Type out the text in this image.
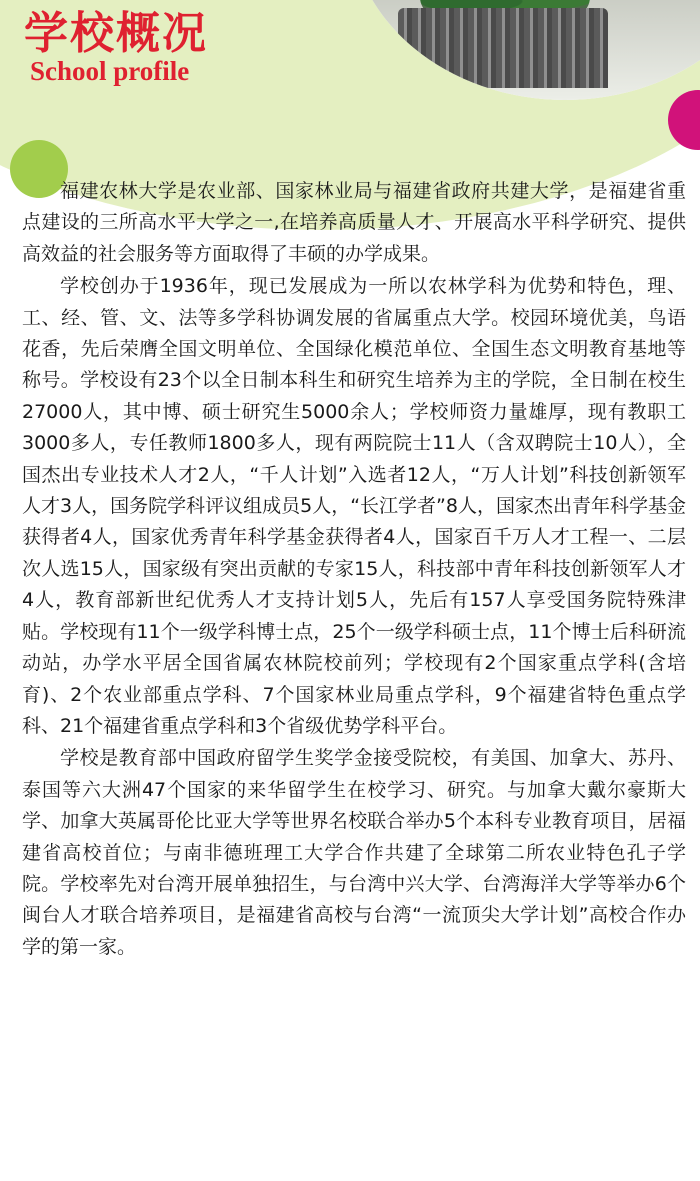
学校概况
School profile

福建农林大学是农业部、国家林业局与福建省政府共建大学，是福建省重点建设的三所高水平大学之一,在培养高质量人才、开展高水平科学研究、提供高效益的社会服务等方面取得了丰硕的办学成果。

学校创办于1936年，现已发展成为一所以农林学科为优势和特色，理、工、经、管、文、法等多学科协调发展的省属重点大学。校园环境优美，鸟语花香，先后荣膺全国文明单位、全国绿化模范单位、全国生态文明教育基地等称号。学校设有23个以全日制本科生和研究生培养为主的学院，全日制在校生27000人，其中博、硕士研究生5000余人；学校师资力量雄厚，现有教职工3000多人，专任教师1800多人，现有两院院士11人（含双聘院士10人），全国杰出专业技术人才2人，“千人计划”入选者12人，“万人计划”科技创新领军人才3人，国务院学科评议组成员5人，“长江学者”8人，国家杰出青年科学基金获得者4人，国家优秀青年科学基金获得者4人，国家百千万人才工程一、二层次人选15人，国家级有突出贡献的专家15人，科技部中青年科技创新领军人才4人，教育部新世纪优秀人才支持计划5人，先后有157人享受国务院特殊津贴。学校现有11个一级学科博士点，25个一级学科硕士点，11个博士后科研流动站，办学水平居全国省属农林院校前列；学校现有2个国家重点学科(含培育)、2个农业部重点学科、7个国家林业局重点学科，9个福建省特色重点学科、21个福建省重点学科和3个省级优势学科平台。

学校是教育部中国政府留学生奖学金接受院校，有美国、加拿大、苏丹、泰国等六大洲47个国家的来华留学生在校学习、研究。与加拿大戴尔豪斯大学、加拿大英属哥伦比亚大学等世界名校联合举办5个本科专业教育项目，居福建省高校首位；与南非德班理工大学合作共建了全球第二所农业特色孔子学院。学校率先对台湾开展单独招生，与台湾中兴大学、台湾海洋大学等举办6个闽台人才联合培养项目，是福建省高校与台湾“一流顶尖大学计划”高校合作办学的第一家。
